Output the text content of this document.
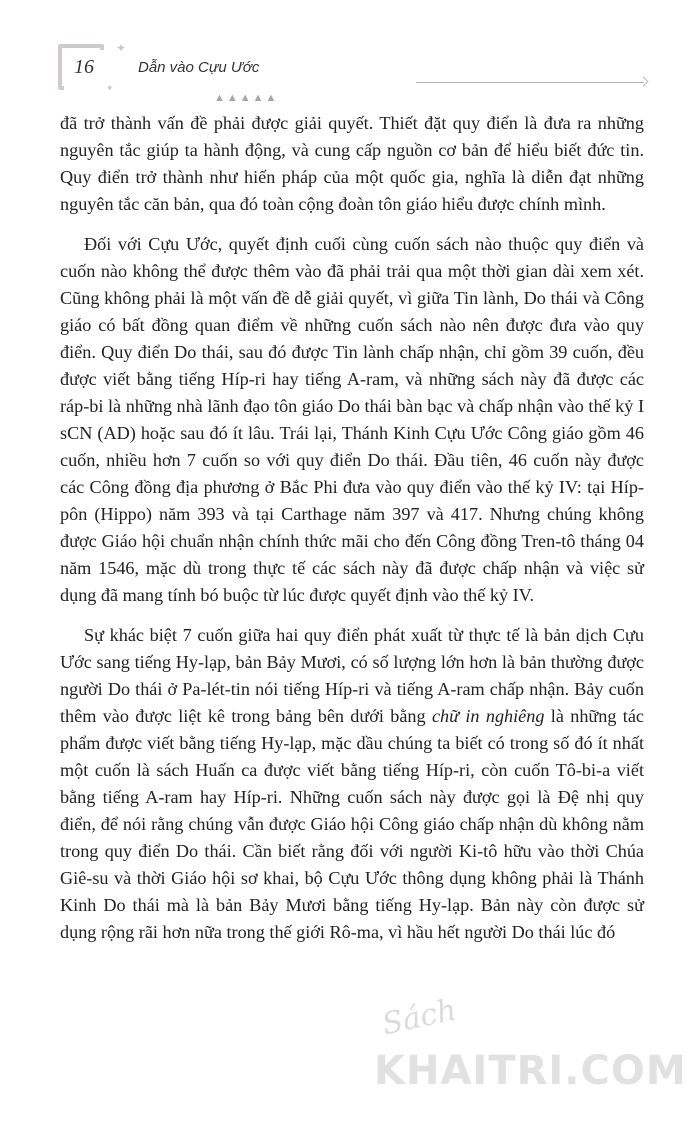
16
✦
✦
Dẫn vào Cựu Ước
▲▲▲▲▲

đã trở thành vấn đề phải được giải quyết. Thiết đặt quy điển là đưa ra những nguyên tắc giúp ta hành động, và cung cấp nguồn cơ bản để hiểu biết đức tin. Quy điển trở thành như hiến pháp của một quốc gia, nghĩa là diễn đạt những nguyên tắc căn bản, qua đó toàn cộng đoàn tôn giáo hiểu được chính mình.

Đối với Cựu Ước, quyết định cuối cùng cuốn sách nào thuộc quy điển và cuốn nào không thể được thêm vào đã phải trải qua một thời gian dài xem xét. Cũng không phải là một vấn đề dễ giải quyết, vì giữa Tin lành, Do thái và Công giáo có bất đồng quan điểm về những cuốn sách nào nên được đưa vào quy điển. Quy điển Do thái, sau đó được Tin lành chấp nhận, chỉ gồm 39 cuốn, đều được viết bằng tiếng Híp-ri hay tiếng A-ram, và những sách này đã được các ráp-bi là những nhà lãnh đạo tôn giáo Do thái bàn bạc và chấp nhận vào thế kỷ I sCN (AD) hoặc sau đó ít lâu. Trái lại, Thánh Kinh Cựu Ước Công giáo gồm 46 cuốn, nhiều hơn 7 cuốn so với quy điển Do thái. Đầu tiên, 46 cuốn này được các Công đồng địa phương ở Bắc Phi đưa vào quy điển vào thế kỷ IV: tại Híp-pôn (Hippo) năm 393 và tại Carthage năm 397 và 417. Nhưng chúng không được Giáo hội chuẩn nhận chính thức mãi cho đến Công đồng Tren-tô tháng 04 năm 1546, mặc dù trong thực tế các sách này đã được chấp nhận và việc sử dụng đã mang tính bó buộc từ lúc được quyết định vào thế kỷ IV.

Sự khác biệt 7 cuốn giữa hai quy điển phát xuất từ thực tế là bản dịch Cựu Ước sang tiếng Hy-lạp, bản Bảy Mươi, có số lượng lớn hơn là bản thường được người Do thái ở Pa-lét-tin nói tiếng Híp-ri và tiếng A-ram chấp nhận. Bảy cuốn thêm vào được liệt kê trong bảng bên dưới bằng chữ in nghiêng là những tác phẩm được viết bằng tiếng Hy-lạp, mặc dầu chúng ta biết có trong số đó ít nhất một cuốn là sách Huấn ca được viết bằng tiếng Híp-ri, còn cuốn Tô-bi-a viết bằng tiếng A-ram hay Híp-ri. Những cuốn sách này được gọi là Đệ nhị quy điển, để nói rằng chúng vẫn được Giáo hội Công giáo chấp nhận dù không nằm trong quy điển Do thái. Cần biết rằng đối với người Ki-tô hữu vào thời Chúa Giê-su và thời Giáo hội sơ khai, bộ Cựu Ước thông dụng không phải là Thánh Kinh Do thái mà là bản Bảy Mươi bằng tiếng Hy-lạp. Bản này còn được sử dụng rộng rãi hơn nữa trong thế giới Rô-ma, vì hầu hết người Do thái lúc đó

Sách
KHAITRI.COM
